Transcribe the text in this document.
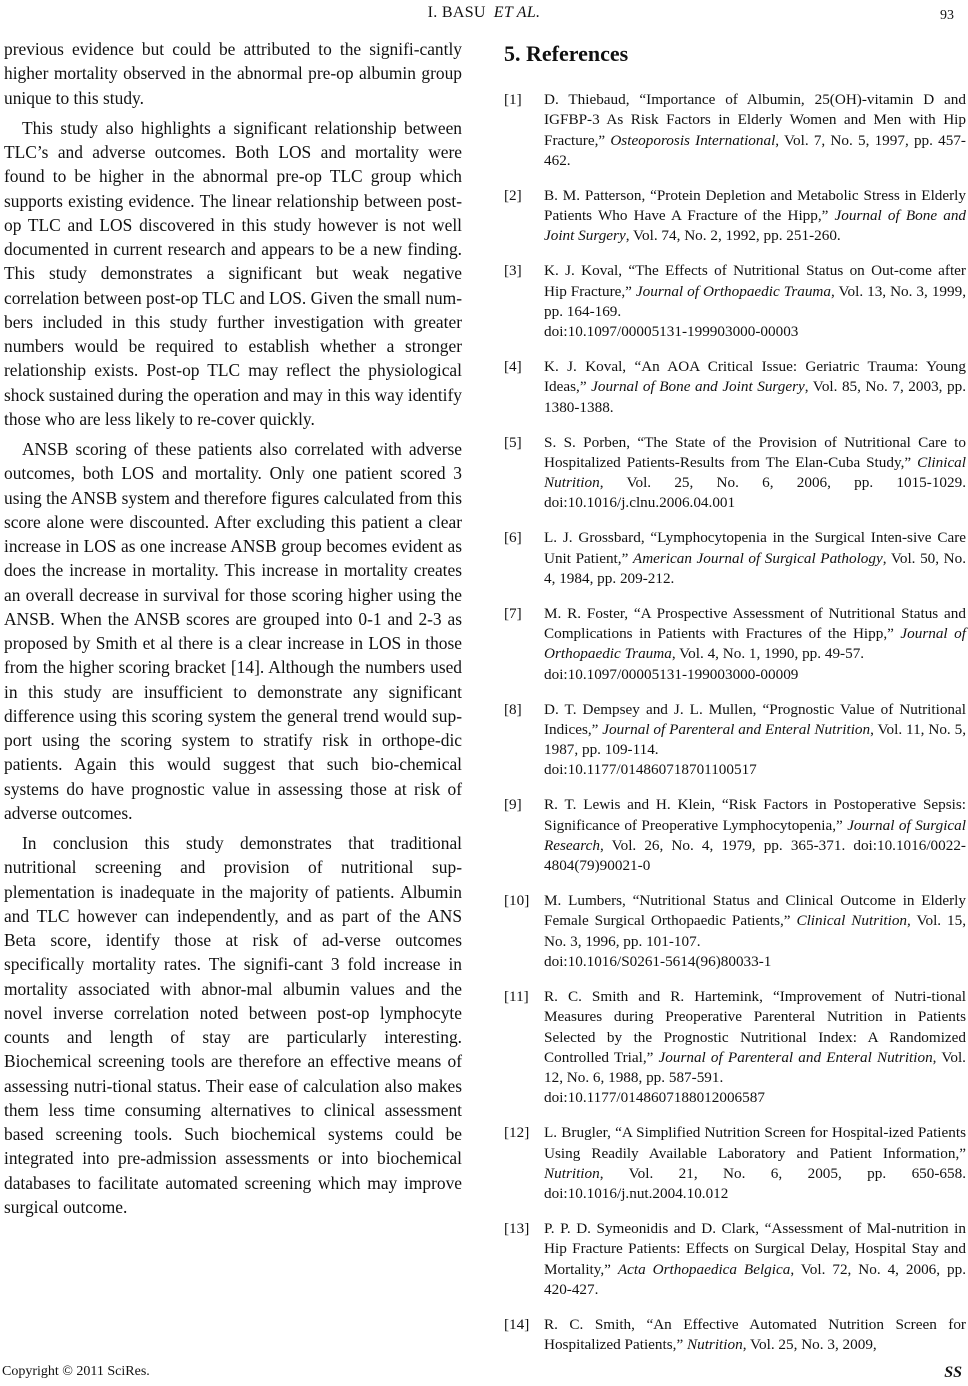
I. BASU ET AL.	93

previous evidence but could be attributed to the signifi-cantly higher mortality observed in the abnormal pre-op albumin group unique to this study.

This study also highlights a significant relationship between TLC’s and adverse outcomes. Both LOS and mortality were found to be higher in the abnormal pre-op TLC group which supports existing evidence. The linear relationship between post-op TLC and LOS discovered in this study however is not well documented in current research and appears to be a new finding. This study demonstrates a significant but weak negative correlation between post-op TLC and LOS. Given the small num-bers included in this study further investigation with greater numbers would be required to establish whether a stronger relationship exists. Post-op TLC may reflect the physiological shock sustained during the operation and may in this way identify those who are less likely to re-cover quickly.

ANSB scoring of these patients also correlated with adverse outcomes, both LOS and mortality. Only one patient scored 3 using the ANSB system and therefore figures calculated from this score alone were discounted. After excluding this patient a clear increase in LOS as one increase ANSB group becomes evident as does the increase in mortality. This increase in mortality creates an overall decrease in survival for those scoring higher using the ANSB. When the ANSB scores are grouped into 0-1 and 2-3 as proposed by Smith et al there is a clear increase in LOS in those from the higher scoring bracket [14]. Although the numbers used in this study are insufficient to demonstrate any significant difference using this scoring system the general trend would sup-port using the scoring system to stratify risk in orthope-dic patients. Again this would suggest that such bio-chemical systems do have prognostic value in assessing those at risk of adverse outcomes.

In conclusion this study demonstrates that traditional nutritional screening and provision of nutritional sup-plementation is inadequate in the majority of patients. Albumin and TLC however can independently, and as part of the ANS Beta score, identify those at risk of ad-verse outcomes specifically mortality rates. The signifi-cant 3 fold increase in mortality associated with abnor-mal albumin values and the novel inverse correlation noted between post-op lymphocyte counts and length of stay are particularly interesting. Biochemical screening tools are therefore an effective means of assessing nutri-tional status. Their ease of calculation also makes them less time consuming alternatives to clinical assessment based screening tools. Such biochemical systems could be integrated into pre-admission assessments or into biochemical databases to facilitate automated screening which may improve surgical outcome.

5. References
[1]	D. Thiebaud, “Importance of Albumin, 25(OH)-vitamin D and IGFBP-3 As Risk Factors in Elderly Women and Men with Hip Fracture,” Osteoporosis International, Vol. 7, No. 5, 1997, pp. 457-462.
[2]	B. M. Patterson, “Protein Depletion and Metabolic Stress in Elderly Patients Who Have A Fracture of the Hipp,” Journal of Bone and Joint Surgery, Vol. 74, No. 2, 1992, pp. 251-260.
[3]	K. J. Koval, “The Effects of Nutritional Status on Out-come after Hip Fracture,” Journal of Orthopaedic Trauma, Vol. 13, No. 3, 1999, pp. 164-169.
doi:10.1097/00005131-199903000-00003
[4]	K. J. Koval, “An AOA Critical Issue: Geriatric Trauma: Young Ideas,” Journal of Bone and Joint Surgery, Vol. 85, No. 7, 2003, pp. 1380-1388.
[5]	S. S. Porben, “The State of the Provision of Nutritional Care to Hospitalized Patients-Results from The Elan-Cuba Study,” Clinical Nutrition, Vol. 25, No. 6, 2006, pp. 1015-1029. doi:10.1016/j.clnu.2006.04.001
[6]	L. J. Grossbard, “Lymphocytopenia in the Surgical Inten-sive Care Unit Patient,” American Journal of Surgical Pathology, Vol. 50, No. 4, 1984, pp. 209-212.
[7]	M. R. Foster, “A Prospective Assessment of Nutritional Status and Complications in Patients with Fractures of the Hipp,” Journal of Orthopaedic Trauma, Vol. 4, No. 1, 1990, pp. 49-57.
doi:10.1097/00005131-199003000-00009
[8]	D. T. Dempsey and J. L. Mullen, “Prognostic Value of Nutritional Indices,” Journal of Parenteral and Enteral Nutrition, Vol. 11, No. 5, 1987, pp. 109-114.
doi:10.1177/014860718701100517
[9]	R. T. Lewis and H. Klein, “Risk Factors in Postoperative Sepsis: Significance of Preoperative Lymphocytopenia,” Journal of Surgical Research, Vol. 26, No. 4, 1979, pp. 365-371. doi:10.1016/0022-4804(79)90021-0
[10] M. Lumbers, “Nutritional Status and Clinical Outcome in Elderly Female Surgical Orthopaedic Patients,” Clinical Nutrition, Vol. 15, No. 3, 1996, pp. 101-107.
doi:10.1016/S0261-5614(96)80033-1
[11]	R. C. Smith and R. Hartemink, “Improvement of Nutri-tional Measures during Preoperative Parenteral Nutrition in Patients Selected by the Prognostic Nutritional Index: A Randomized Controlled Trial,” Journal of Parenteral and Enteral Nutrition, Vol. 12, No. 6, 1988, pp. 587-591.
doi:10.1177/0148607188012006587
[12] L. Brugler, “A Simplified Nutrition Screen for Hospital-ized Patients Using Readily Available Laboratory and Patient Information,” Nutrition, Vol. 21, No. 6, 2005, pp. 650-658. doi:10.1016/j.nut.2004.10.012
[13] P. P. D. Symeonidis and D. Clark, “Assessment of Mal-nutrition in Hip Fracture Patients: Effects on Surgical Delay, Hospital Stay and Mortality,” Acta Orthopaedica Belgica, Vol. 72, No. 4, 2006, pp. 420-427.
[14] R. C. Smith, “An Effective Automated Nutrition Screen for Hospitalized Patients,” Nutrition, Vol. 25, No. 3, 2009,
Copyright © 2011 SciRes.	SS
